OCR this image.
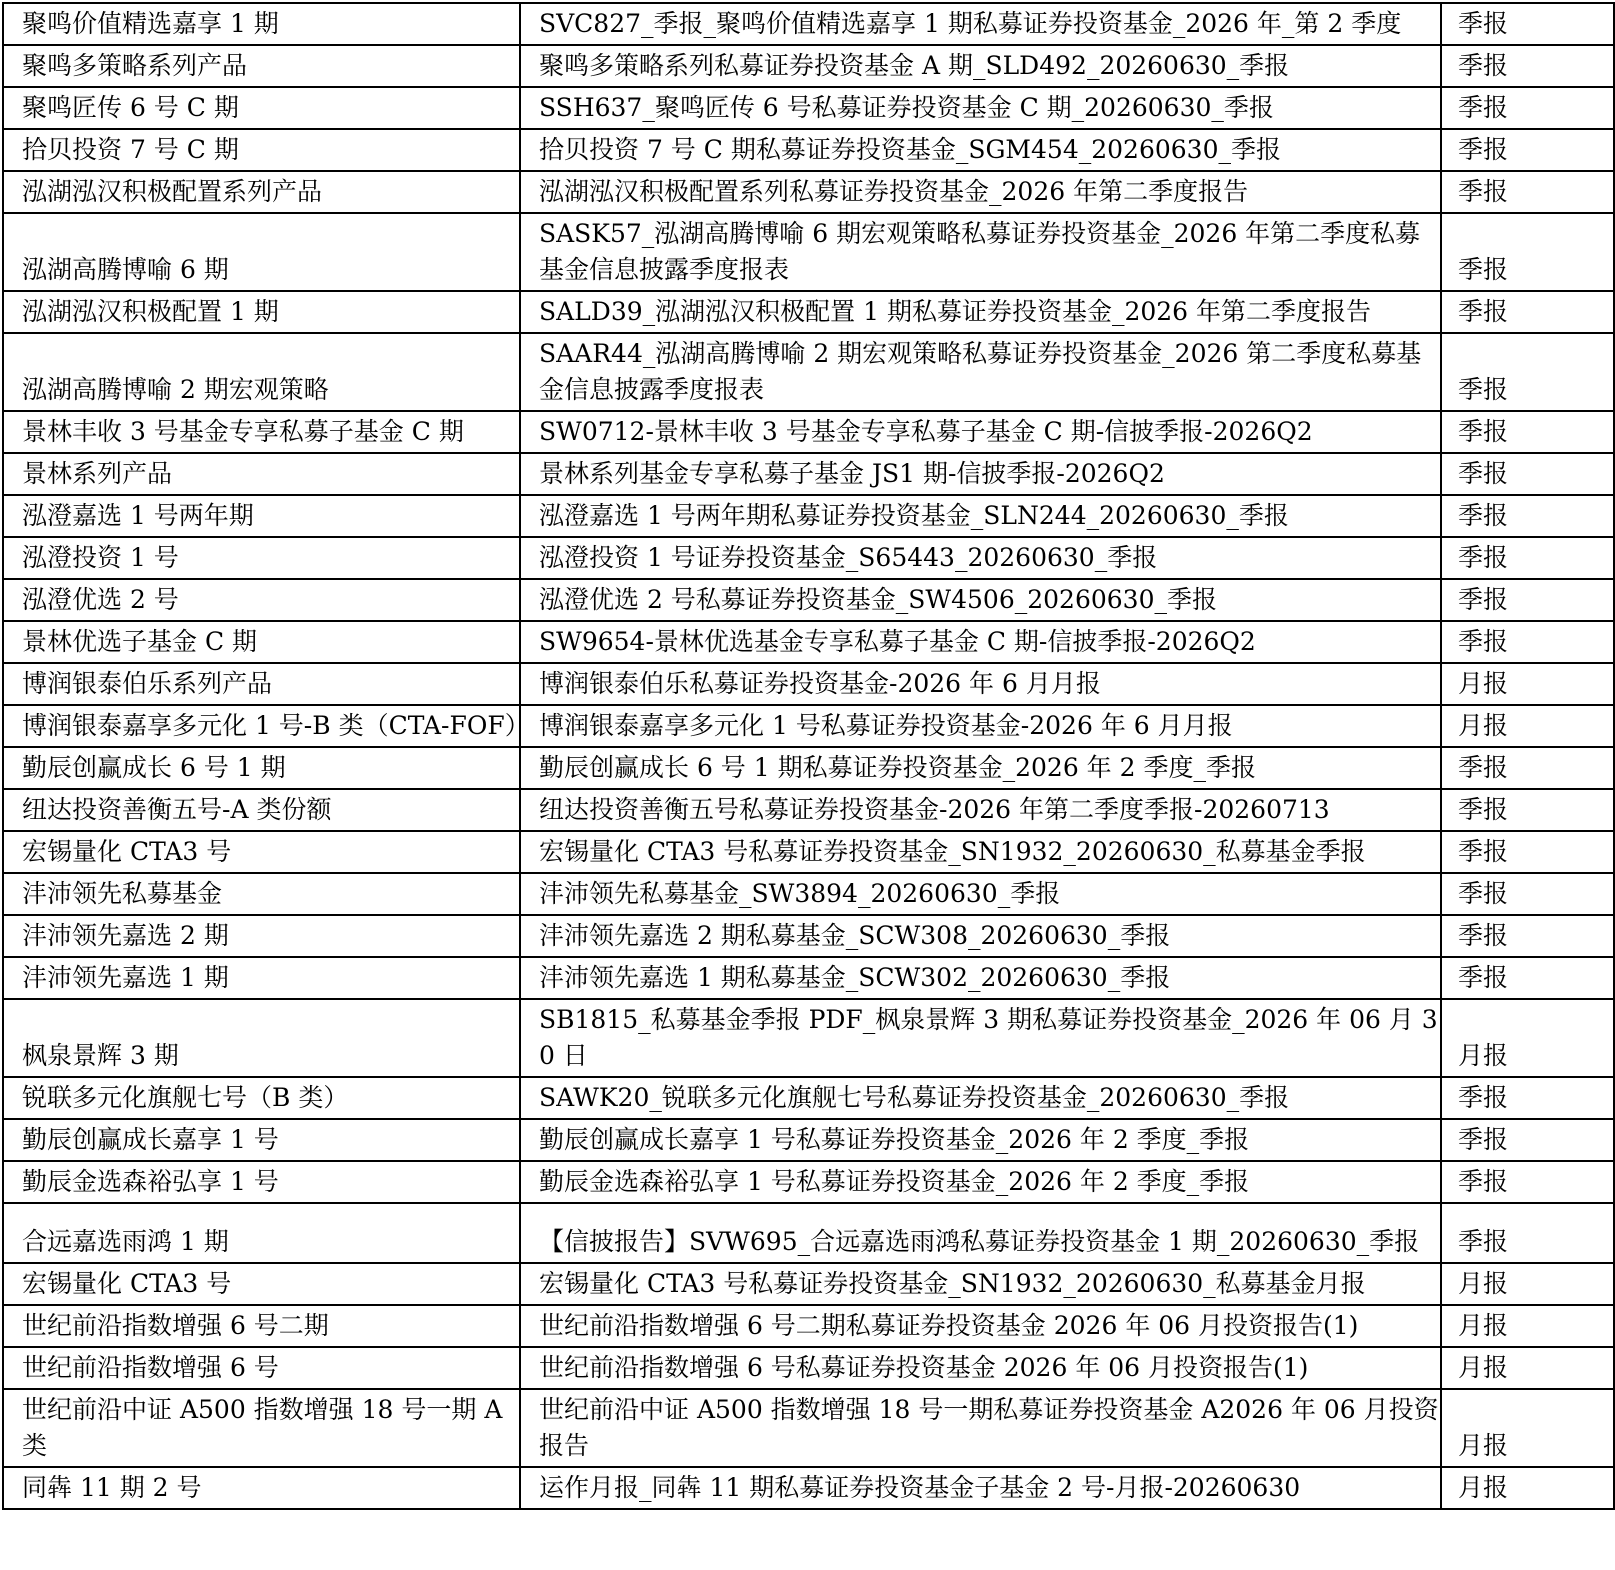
聚鸣价值精选嘉享 1 期	SVC827_季报_聚鸣价值精选嘉享 1 期私募证券投资基金_2026 年_第 2 季度	季报
聚鸣多策略系列产品	聚鸣多策略系列私募证券投资基金 A 期_SLD492_20260630_季报	季报
聚鸣匠传 6 号 C 期	SSH637_聚鸣匠传 6 号私募证券投资基金 C 期_20260630_季报	季报
拾贝投资 7 号 C 期	拾贝投资 7 号 C 期私募证券投资基金_SGM454_20260630_季报	季报
泓湖泓汉积极配置系列产品	泓湖泓汉积极配置系列私募证券投资基金_2026 年第二季度报告	季报
泓湖高腾博喻 6 期	SASK57_泓湖高腾博喻 6 期宏观策略私募证券投资基金_2026 年第二季度私募基金信息披露季度报表	季报
泓湖泓汉积极配置 1 期	SALD39_泓湖泓汉积极配置 1 期私募证券投资基金_2026 年第二季度报告	季报
泓湖高腾博喻 2 期宏观策略	SAAR44_泓湖高腾博喻 2 期宏观策略私募证券投资基金_2026 第二季度私募基金信息披露季度报表	季报
景林丰收 3 号基金专享私募子基金 C 期	SW0712-景林丰收 3 号基金专享私募子基金 C 期-信披季报-2026Q2	季报
景林系列产品	景林系列基金专享私募子基金 JS1 期-信披季报-2026Q2	季报
泓澄嘉选 1 号两年期	泓澄嘉选 1 号两年期私募证券投资基金_SLN244_20260630_季报	季报
泓澄投资 1 号	泓澄投资 1 号证券投资基金_S65443_20260630_季报	季报
泓澄优选 2 号	泓澄优选 2 号私募证券投资基金_SW4506_20260630_季报	季报
景林优选子基金 C 期	SW9654-景林优选基金专享私募子基金 C 期-信披季报-2026Q2	季报
博润银泰伯乐系列产品	博润银泰伯乐私募证券投资基金-2026 年 6 月月报	月报
博润银泰嘉享多元化 1 号-B 类（CTA-FOF）	博润银泰嘉享多元化 1 号私募证券投资基金-2026 年 6 月月报	月报
勤辰创赢成长 6 号 1 期	勤辰创赢成长 6 号 1 期私募证券投资基金_2026 年 2 季度_季报	季报
纽达投资善衡五号-A 类份额	纽达投资善衡五号私募证券投资基金-2026 年第二季度季报-20260713	季报
宏锡量化 CTA3 号	宏锡量化 CTA3 号私募证券投资基金_SN1932_20260630_私募基金季报	季报
沣沛领先私募基金	沣沛领先私募基金_SW3894_20260630_季报	季报
沣沛领先嘉选 2 期	沣沛领先嘉选 2 期私募基金_SCW308_20260630_季报	季报
沣沛领先嘉选 1 期	沣沛领先嘉选 1 期私募基金_SCW302_20260630_季报	季报
枫泉景辉 3 期	SB1815_私募基金季报 PDF_枫泉景辉 3 期私募证券投资基金_2026 年 06 月 30 日	月报
锐联多元化旗舰七号（B 类）	SAWK20_锐联多元化旗舰七号私募证券投资基金_20260630_季报	季报
勤辰创赢成长嘉享 1 号	勤辰创赢成长嘉享 1 号私募证券投资基金_2026 年 2 季度_季报	季报
勤辰金选森裕弘享 1 号	勤辰金选森裕弘享 1 号私募证券投资基金_2026 年 2 季度_季报	季报
合远嘉选雨鸿 1 期	【信披报告】SVW695_合远嘉选雨鸿私募证券投资基金 1 期_20260630_季报	季报
宏锡量化 CTA3 号	宏锡量化 CTA3 号私募证券投资基金_SN1932_20260630_私募基金月报	月报
世纪前沿指数增强 6 号二期	世纪前沿指数增强 6 号二期私募证券投资基金 2026 年 06 月投资报告(1)	月报
世纪前沿指数增强 6 号	世纪前沿指数增强 6 号私募证券投资基金 2026 年 06 月投资报告(1)	月报
世纪前沿中证 A500 指数增强 18 号一期 A 类	世纪前沿中证 A500 指数增强 18 号一期私募证券投资基金 A2026 年 06 月投资报告	月报
同犇 11 期 2 号	运作月报_同犇 11 期私募证券投资基金子基金 2 号-月报-20260630	月报
